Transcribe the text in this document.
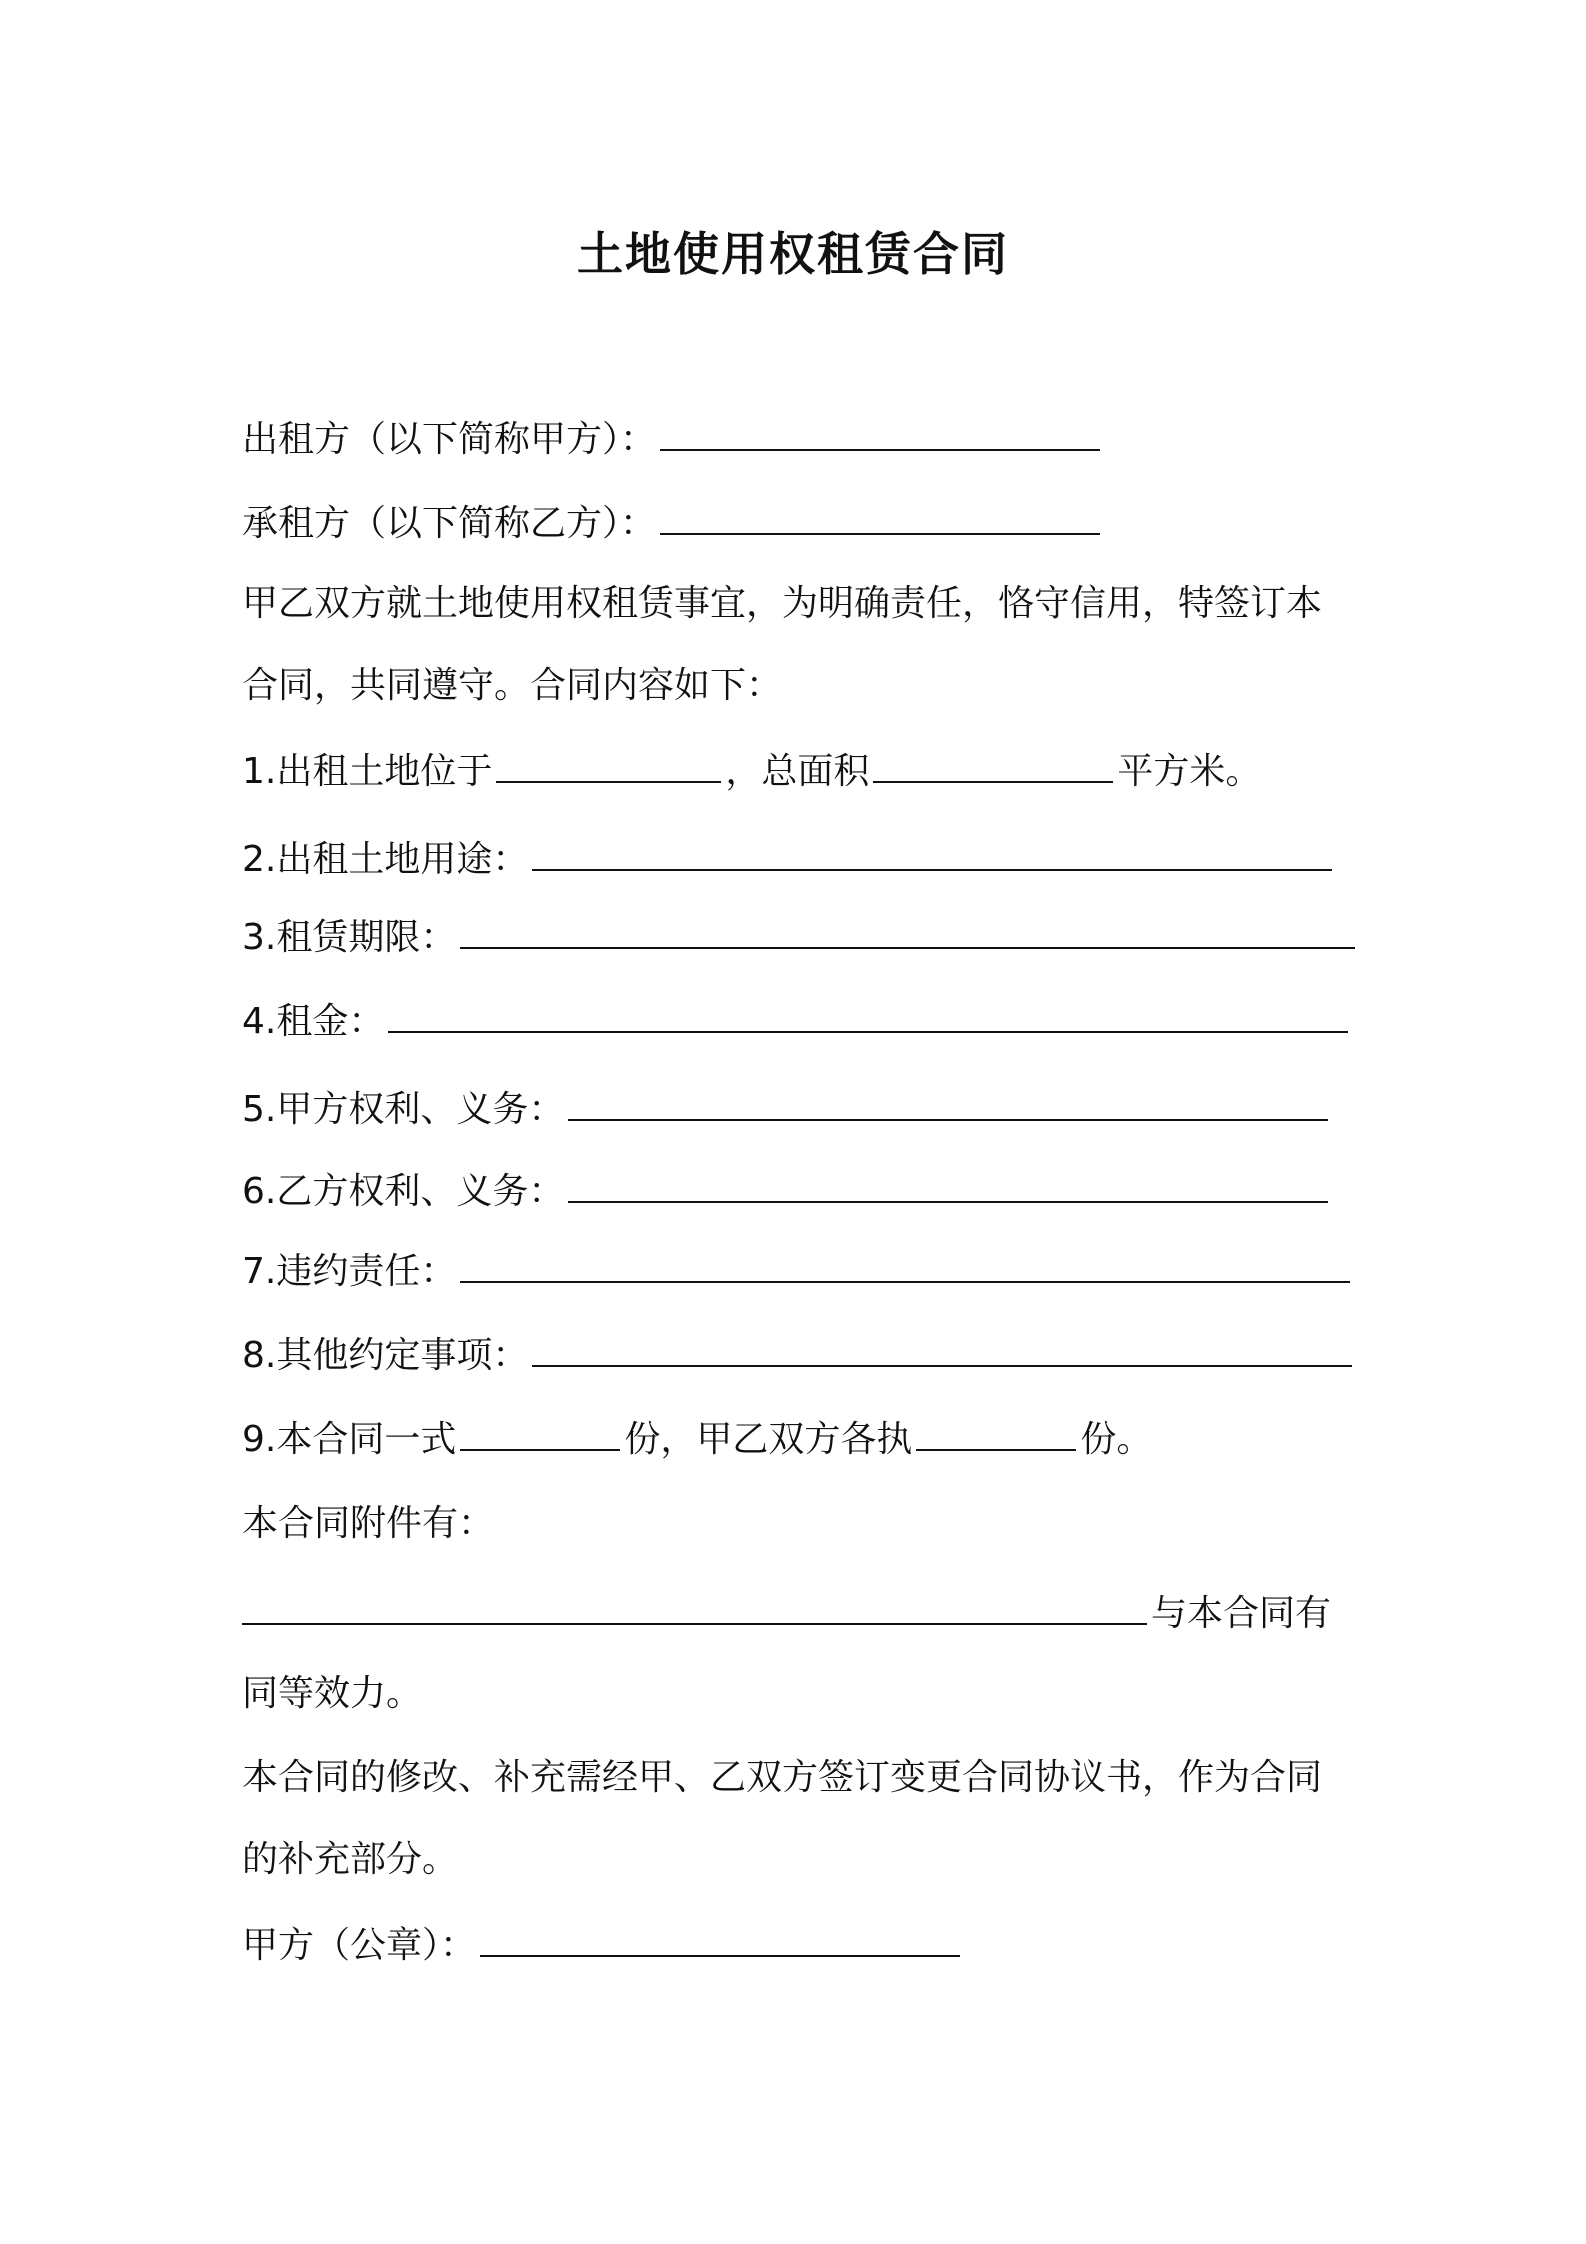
土地使用权租赁合同
出租方（以下简称甲方）：
承租方（以下简称乙方）：
甲乙双方就土地使用权租赁事宜，为明确责任，恪守信用，特签订本
合同，共同遵守。合同内容如下：
1.出租土地位于	，总面积	平方米。
2.出租土地用途：
3.租赁期限：
4.租金：
5.甲方权利、义务：
6.乙方权利、义务：
7.违约责任：
8.其他约定事项：
9.本合同一式	份，甲乙双方各执	份。
本合同附件有：
与本合同有
同等效力。
本合同的修改、补充需经甲、乙双方签订变更合同协议书，作为合同
的补充部分。
甲方（公章）：
